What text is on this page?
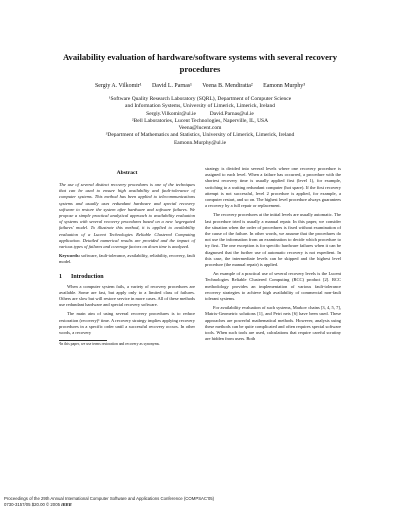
Availability evaluation of hardware/software systems with several recovery
procedures
Sergiy A. Vilkomir¹ David L. Parnas¹ Veena B. Mendiratta² Eamonn Murphy³
¹Software Quality Research Laboratory (SQRL), Department of Computer Science
and Information Systems, University of Limerick, Limerick, Ireland
Sergiy.Vilkomir@ul.ie          David.Parnas@ul.ie
²Bell Laboratories, Lucent Technologies, Naperville, IL, USA
Veena@lucent.com
³Department of Mathematics and Statistics, University of Limerick, Limerick, Ireland
Eamonn.Murphy@ul.ie
Abstract
The use of several distinct recovery procedures is one of the techniques that can be used to ensure high availability and fault-tolerance of computer systems. This method has been applied to telecommunications systems and usually uses redundant hardware and special recovery software to restore the system after hardware and software failures. We propose a simple practical analytical approach to availability evaluation of systems with several recovery procedures based on a new 'segregated failures' model. To illustrate this method, it is applied to availability evaluation of a Lucent Technologies Reliable Clustered Computing application. Detailed numerical results are provided and the impact of various types of failures and coverage factors on down time is analyzed.
Keywords: software, fault-tolerance, availability, reliability, recovery, fault model.
1 Introduction
When a computer system fails, a variety of recovery procedures are available. Some are fast, but apply only to a limited class of failures. Others are slow but will restore service in more cases. All of these methods use redundant hardware and special recovery software.
The main aim of using several recovery procedures is to reduce restoration (recovery)¹ time. A recovery strategy implies applying recovery procedures in a specific order until a successful recovery occurs. In other words, a recovery
¹In this paper, we use terms restoration and recovery as synonyms.
strategy is divided into several levels where one recovery procedure is assigned to each level. When a failure has occurred, a procedure with the shortest recovery time is usually applied first (level 1), for example, switching to a waiting redundant computer (hot spare). If the first recovery attempt is not successful, level 2 procedure is applied, for example, a computer restart, and so on. The highest level procedure always guarantees a recovery by a full repair or replacement.
The recovery procedures at the initial levels are usually automatic. The last procedure tried is usually a manual repair. In this paper, we consider the situation when the order of procedures is fixed without examination of the cause of the failure. In other words, we assume that the procedures do not use the information from an examination to decide which procedure to try first. The one exception is for specific hardware failures when it can be diagnosed that the further use of automatic recovery is not expedient. In this case, the intermediate levels can be skipped and the highest level procedure (the manual repair) is applied.
An example of a practical use of several recovery levels is the Lucent Technologies Reliable Clustered Computing (RCC) product [2]. RCC methodology provides an implementation of various fault-tolerance recovery strategies to achieve high availability of commercial non-fault tolerant systems.
For availability evaluation of such systems, Markov chains [3, 4, 5, 7], Matrix-Geometric solutions [1], and Petri nets [6] have been used. These approaches are powerful mathematical methods. However, analysis using these methods can be quite complicated and often requires special software tools. When such tools are used, calculations that require careful scrutiny are hidden from users. Both
Proceedings of the 29th Annual International Computer Software and Applications Conference (COMPSAC'05)
0730-3157/05 $20.00 © 2005 IEEE
